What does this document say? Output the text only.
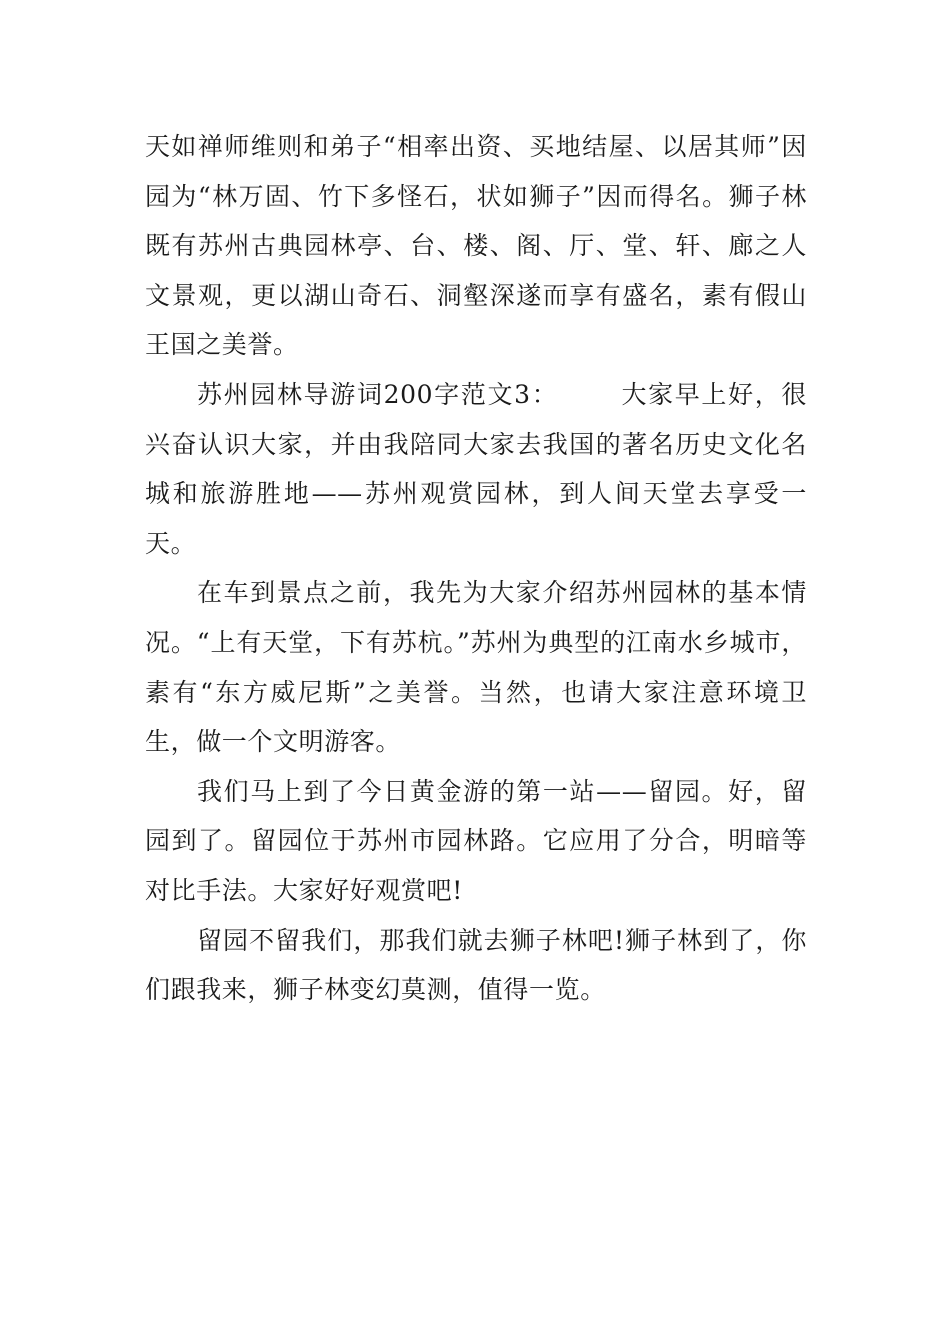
天如禅师维则和弟子“相率出资、买地结屋、以居其师”因园为“林万固、竹下多怪石，状如狮子”因而得名。狮子林既有苏州古典园林亭、台、楼、阁、厅、堂、轩、廊之人文景观，更以湖山奇石、洞壑深遂而享有盛名，素有假山王国之美誉。

苏州园林导游词200字范文3： 大家早上好，很兴奋认识大家，并由我陪同大家去我国的著名历史文化名城和旅游胜地——苏州观赏园林，到人间天堂去享受一天。

在车到景点之前，我先为大家介绍苏州园林的基本情况。“上有天堂，下有苏杭。”苏州为典型的江南水乡城市，素有“东方威尼斯”之美誉。当然，也请大家注意环境卫生，做一个文明游客。

我们马上到了今日黄金游的第一站——留园。好，留园到了。留园位于苏州市园林路。它应用了分合，明暗等对比手法。大家好好观赏吧!

留园不留我们，那我们就去狮子林吧!狮子林到了，你们跟我来，狮子林变幻莫测，值得一览。
